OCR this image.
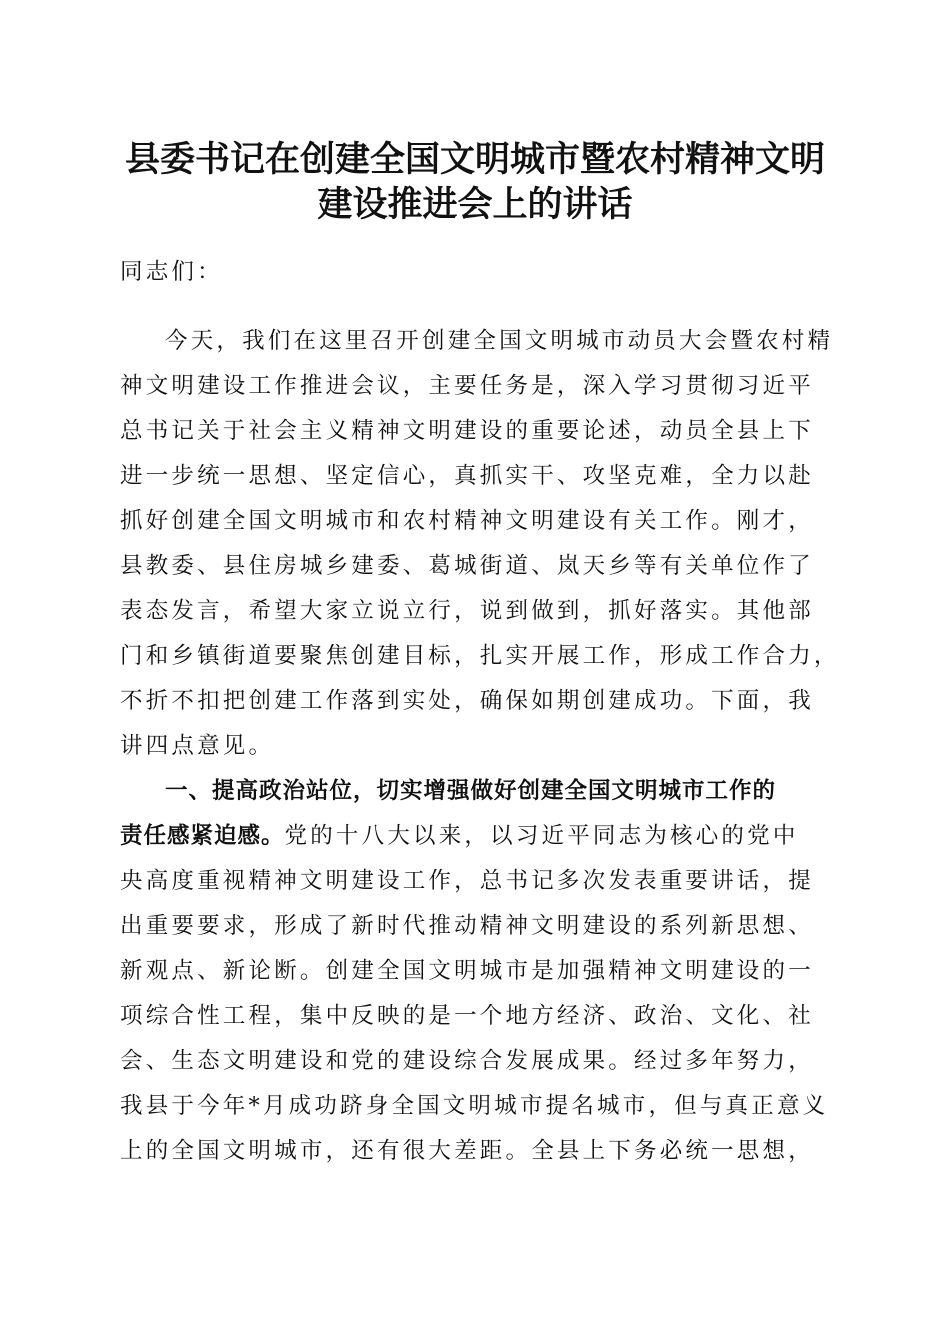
县委书记在创建全国文明城市暨农村精神文明
建设推进会上的讲话
同志们：
今天，我们在这里召开创建全国文明城市动员大会暨农村精
神文明建设工作推进会议，主要任务是，深入学习贯彻习近平
总书记关于社会主义精神文明建设的重要论述，动员全县上下
进一步统一思想、坚定信心，真抓实干、攻坚克难，全力以赴
抓好创建全国文明城市和农村精神文明建设有关工作。刚才，
县教委、县住房城乡建委、葛城街道、岚天乡等有关单位作了
表态发言，希望大家立说立行，说到做到，抓好落实。其他部
门和乡镇街道要聚焦创建目标，扎实开展工作，形成工作合力，
不折不扣把创建工作落到实处，确保如期创建成功。下面，我
讲四点意见。
一、提高政治站位，切实增强做好创建全国文明城市工作的
责任感紧迫感。党的十八大以来，以习近平同志为核心的党中
央高度重视精神文明建设工作，总书记多次发表重要讲话，提
出重要要求，形成了新时代推动精神文明建设的系列新思想、
新观点、新论断。创建全国文明城市是加强精神文明建设的一
项综合性工程，集中反映的是一个地方经济、政治、文化、社
会、生态文明建设和党的建设综合发展成果。经过多年努力，
我县于今年*月成功跻身全国文明城市提名城市，但与真正意义
上的全国文明城市，还有很大差距。全县上下务必统一思想，
